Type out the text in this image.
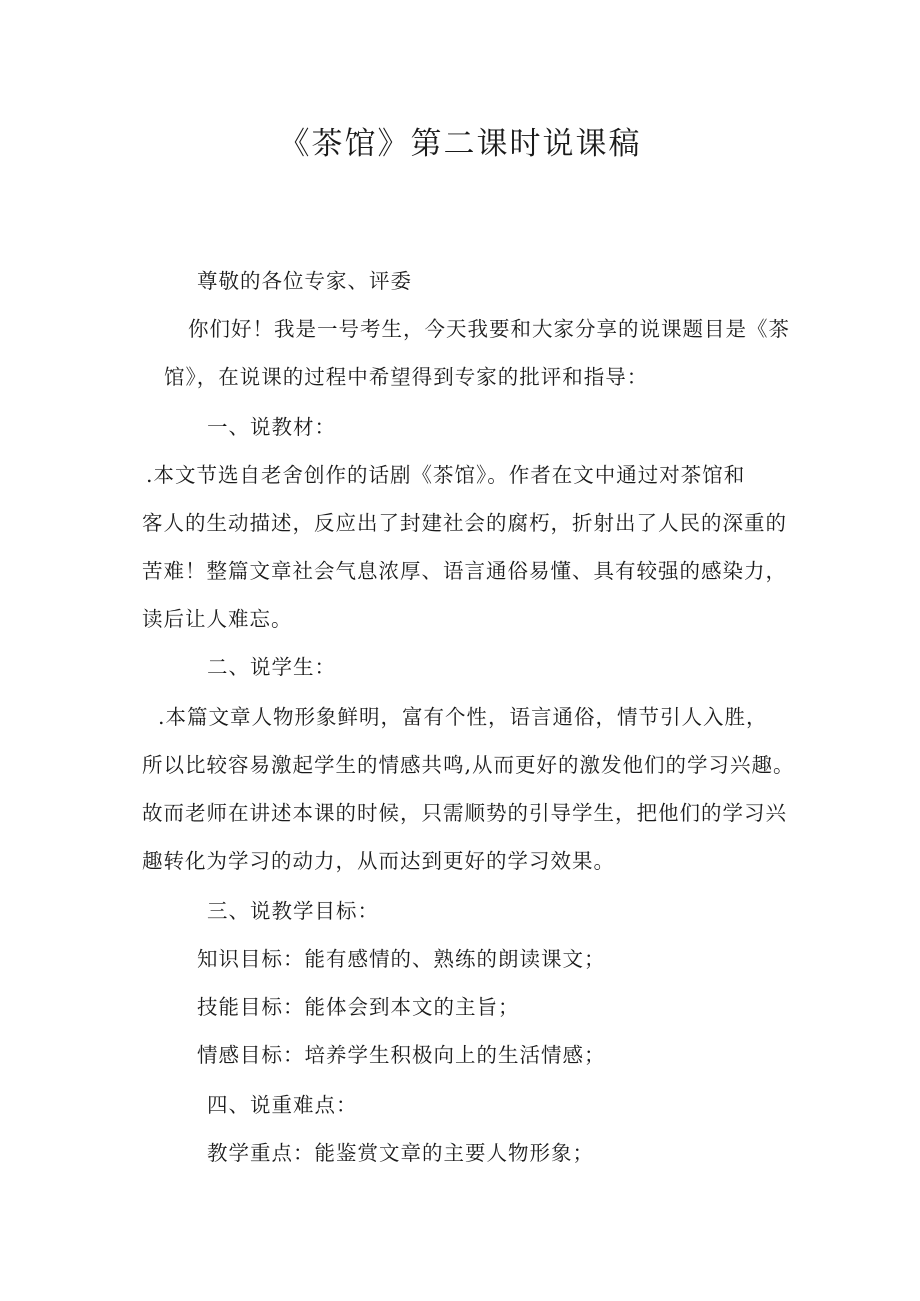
《茶馆》第二课时说课稿
尊敬的各位专家、评委
你们好！我是一号考生，今天我要和大家分享的说课题目是《茶
馆》，在说课的过程中希望得到专家的批评和指导：
一、说教材：
.本文节选自老舍创作的话剧《茶馆》。作者在文中通过对茶馆和
客人的生动描述，反应出了封建社会的腐朽，折射出了人民的深重的
苦难！整篇文章社会气息浓厚、语言通俗易懂、具有较强的感染力，
读后让人难忘。
二、说学生：
.本篇文章人物形象鲜明，富有个性，语言通俗，情节引人入胜，
所以比较容易激起学生的情感共鸣,从而更好的激发他们的学习兴趣。
故而老师在讲述本课的时候，只需顺势的引导学生，把他们的学习兴
趣转化为学习的动力，从而达到更好的学习效果。
三、说教学目标：
知识目标：能有感情的、熟练的朗读课文；
技能目标：能体会到本文的主旨；
情感目标：培养学生积极向上的生活情感；
四、说重难点：
教学重点：能鉴赏文章的主要人物形象；
